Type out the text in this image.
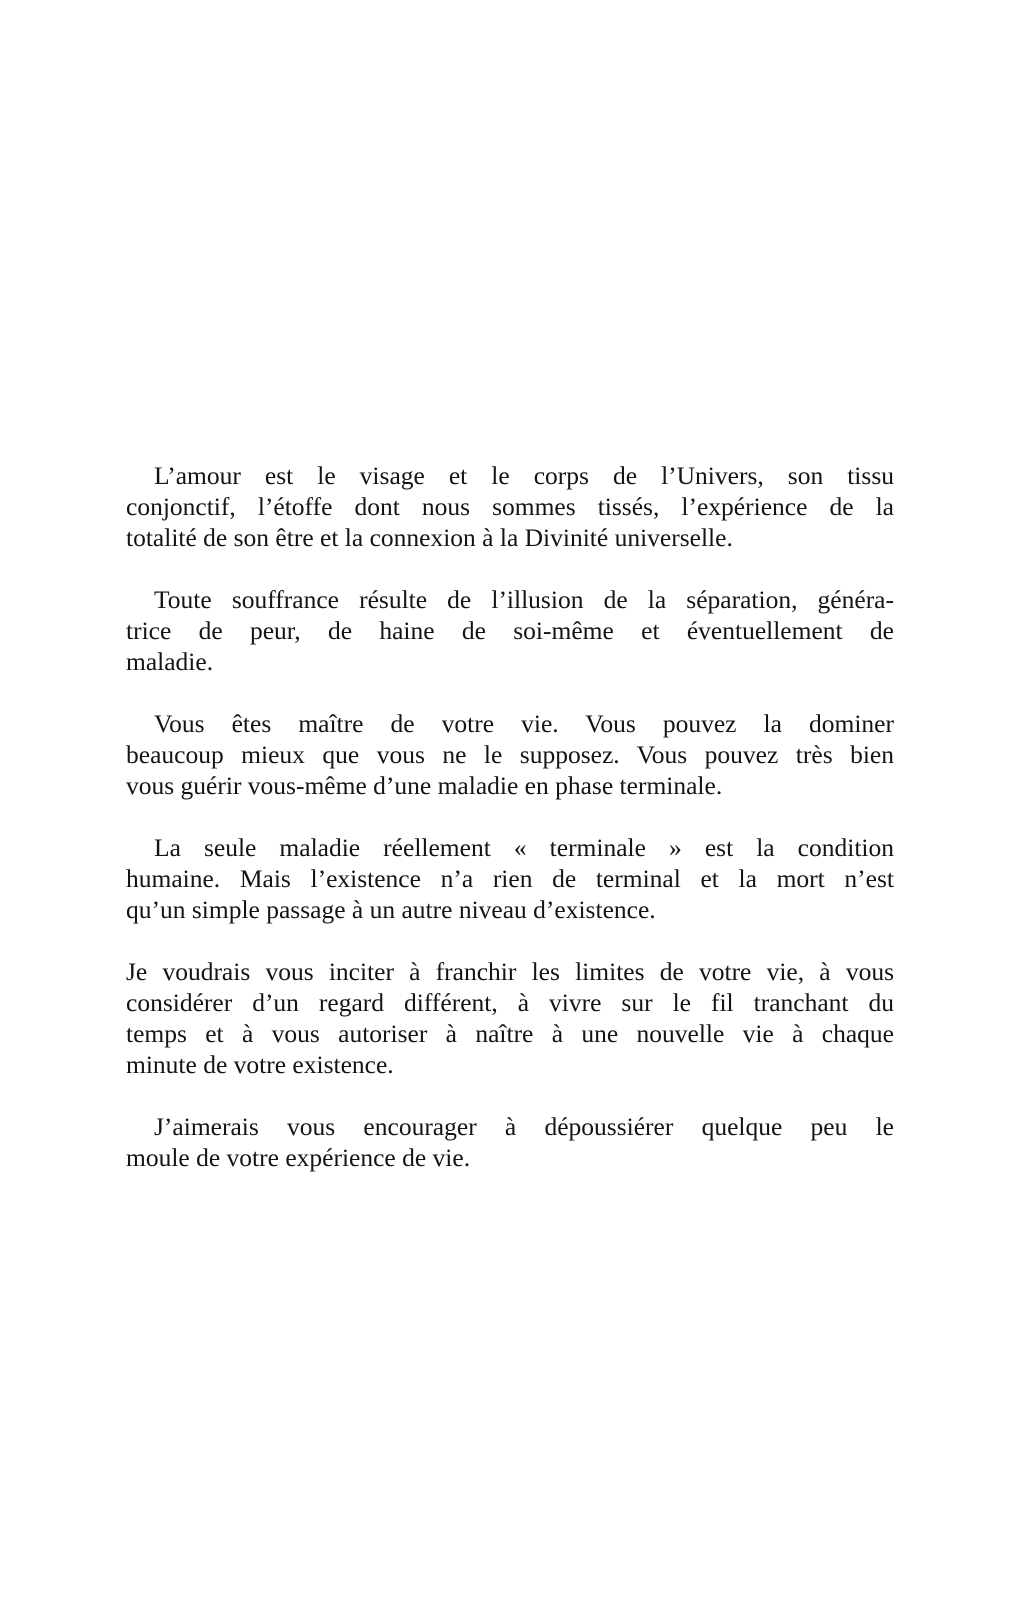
L’amour est le visage et le corps de l’Univers, son tissu
conjonctif, l’étoffe dont nous sommes tissés, l’expérience de la
totalité de son être et la connexion à la Divinité universelle.

Toute souffrance résulte de l’illusion de la séparation, généra-
trice de peur, de haine de soi-même et éventuellement de
maladie.

Vous êtes maître de votre vie. Vous pouvez la dominer
beaucoup mieux que vous ne le supposez. Vous pouvez très bien
vous guérir vous-même d’une maladie en phase terminale.

La seule maladie réellement « terminale » est la condition
humaine. Mais l’existence n’a rien de terminal et la mort n’est
qu’un simple passage à un autre niveau d’existence.

Je voudrais vous inciter à franchir les limites de votre vie, à vous
considérer d’un regard différent, à vivre sur le fil tranchant du
temps et à vous autoriser à naître à une nouvelle vie à chaque
minute de votre existence.

J’aimerais vous encourager à dépoussiérer quelque peu le
moule de votre expérience de vie.
